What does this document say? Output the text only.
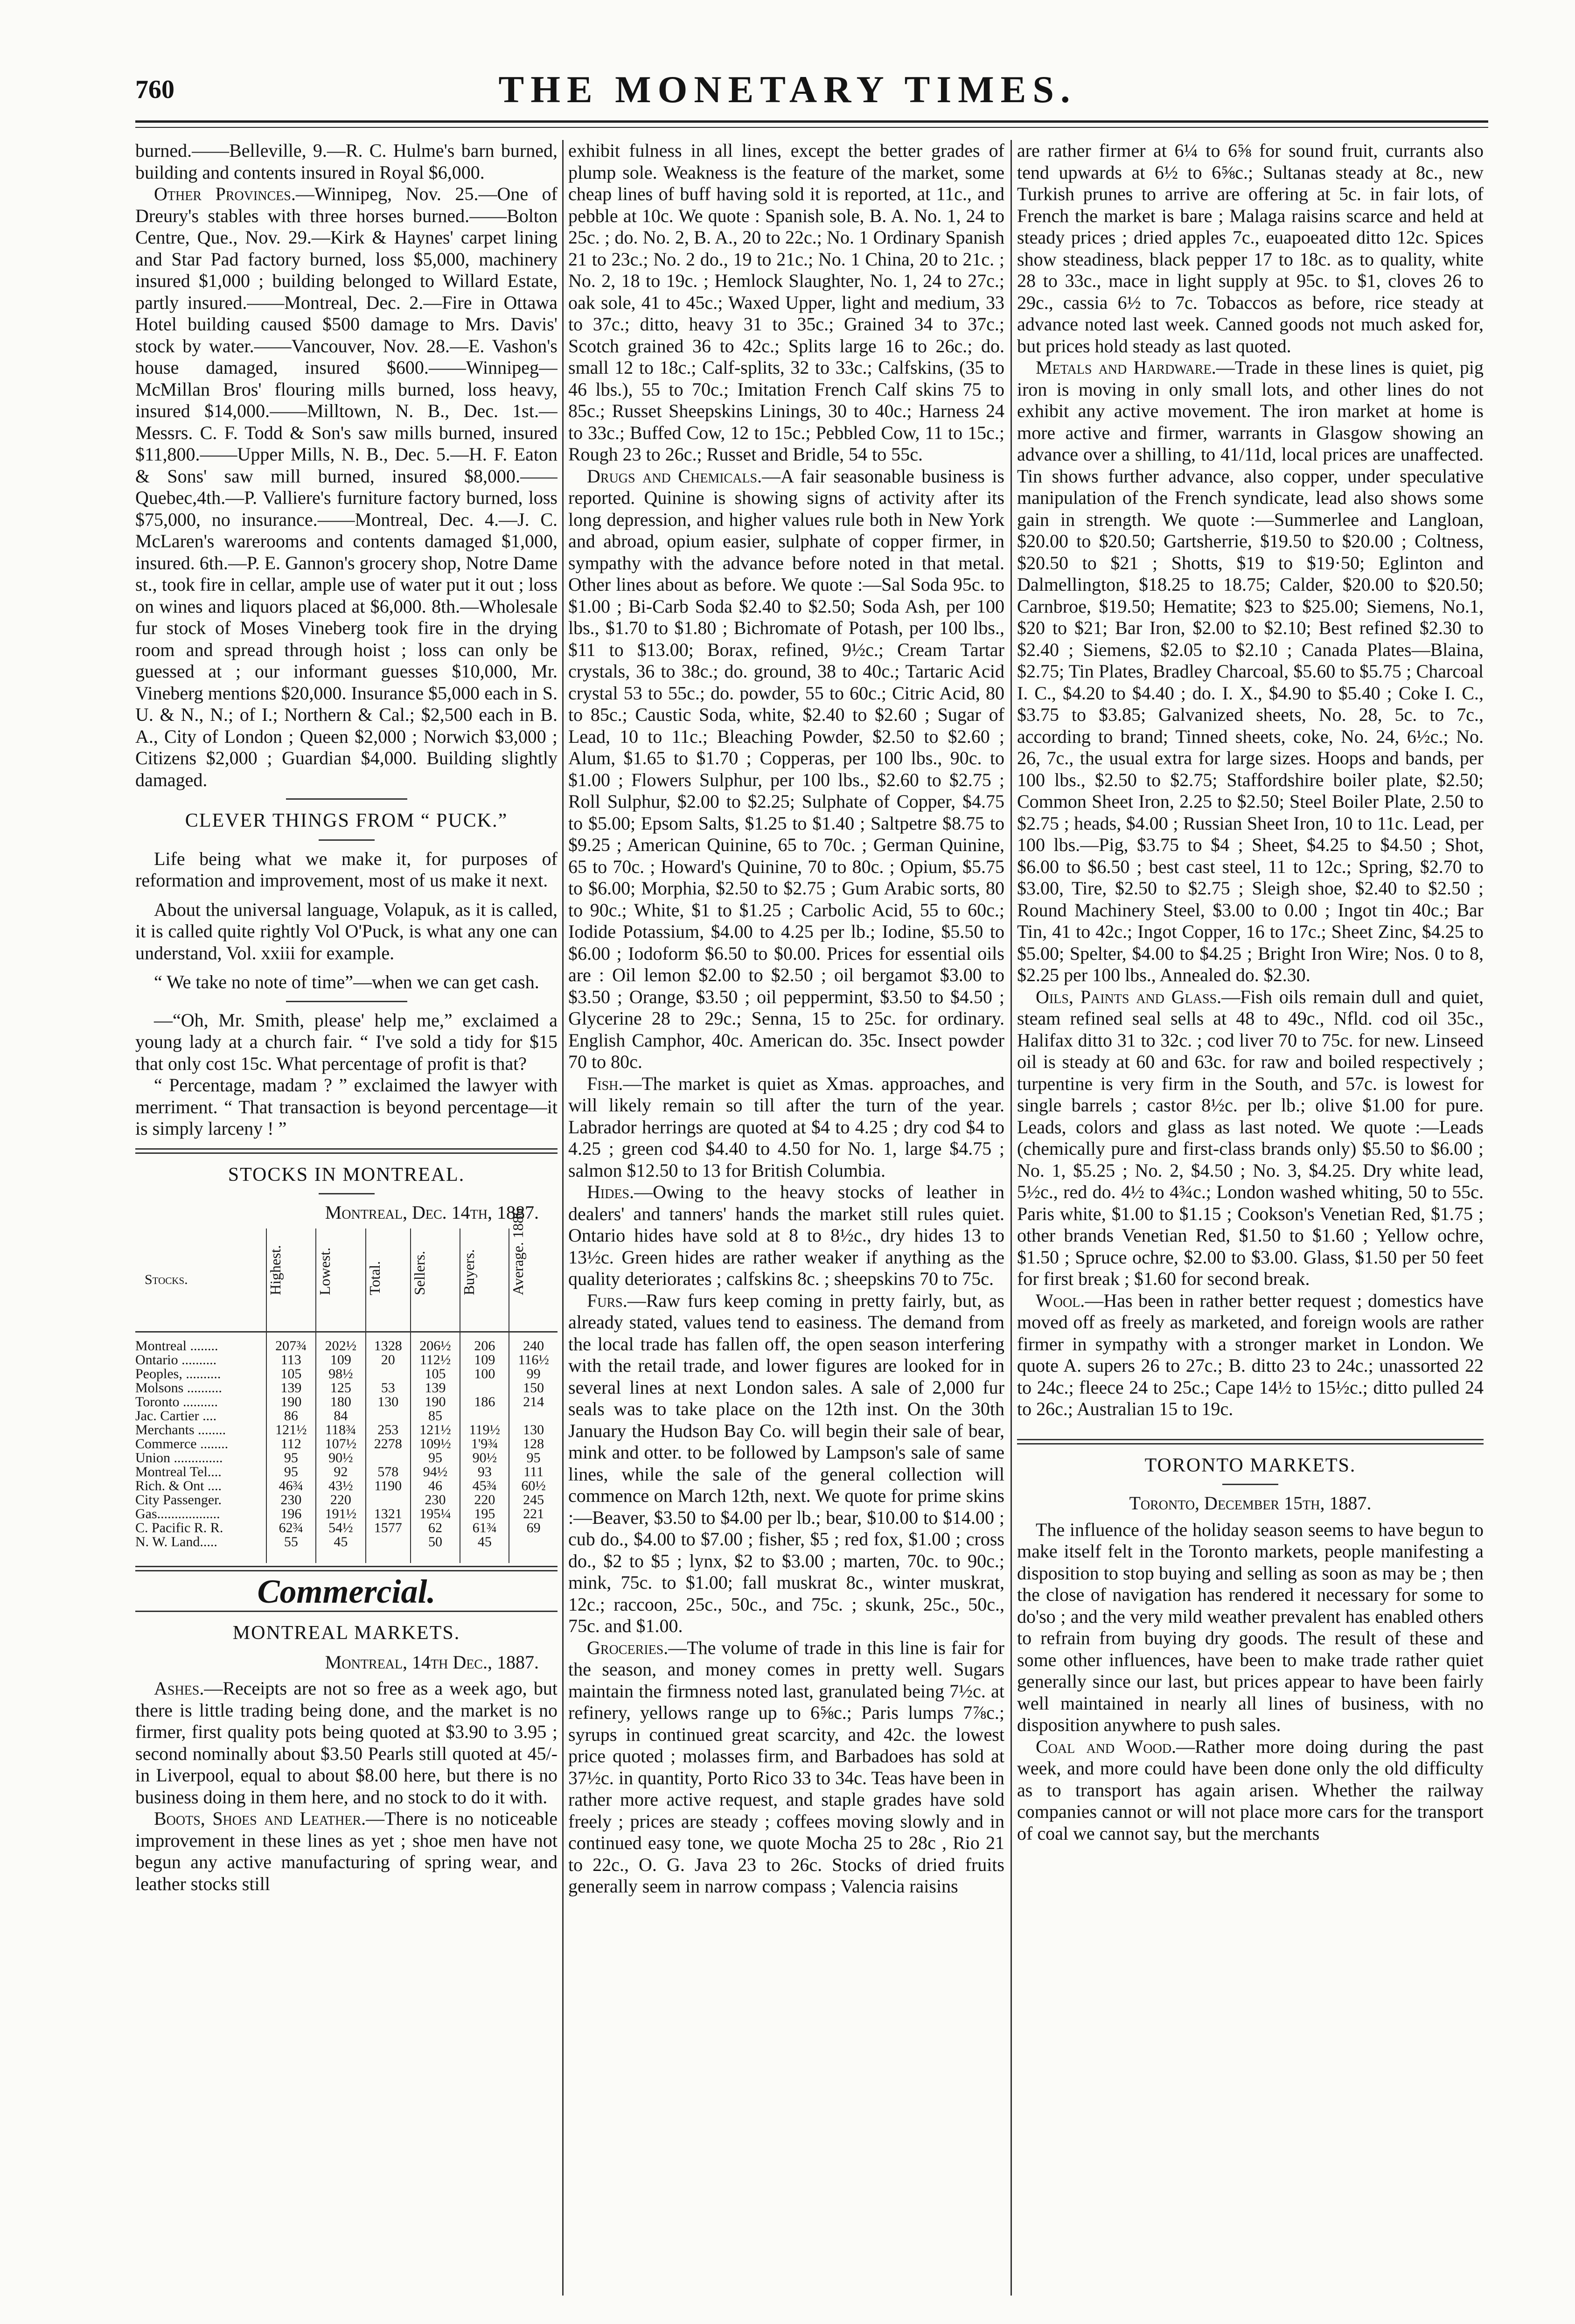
760	THE MONETARY TIMES.

burned.——Belleville, 9.—R. C. Hulme's barn burned, building and contents insured in Royal $6,000.

Other Provinces.—Winnipeg, Nov. 25.—One of Dreury's stables with three horses burned.——Bolton Centre, Que., Nov. 29.—Kirk & Haynes' carpet lining and Star Pad factory burned, loss $5,000, machinery insured $1,000 ; building belonged to Willard Estate, partly insured.——Montreal, Dec. 2.—Fire in Ottawa Hotel building caused $500 damage to Mrs. Davis' stock by water.——Vancouver, Nov. 28.—E. Vashon's house damaged, insured $600.——Winnipeg—McMillan Bros' flouring mills burned, loss heavy, insured $14,000.——Milltown, N. B., Dec. 1st.—Messrs. C. F. Todd & Son's saw mills burned, insured $11,800.——Upper Mills, N. B., Dec. 5.—H. F. Eaton & Sons' saw mill burned, insured $8,000.——Quebec,4th.—P. Valliere's furniture factory burned, loss $75,000, no insurance.——Montreal, Dec. 4.—J. C. McLaren's warerooms and contents damaged $1,000, insured. 6th.—P. E. Gannon's grocery shop, Notre Dame st., took fire in cellar, ample use of water put it out ; loss on wines and liquors placed at $6,000. 8th.—Wholesale fur stock of Moses Vineberg took fire in the drying room and spread through hoist ; loss can only be guessed at ; our informant guesses $10,000, Mr. Vineberg mentions $20,000. Insurance $5,000 each in S. U. & N., N.; of I.; Northern & Cal.; $2,500 each in B. A., City of London ; Queen $2,000 ; Norwich $3,000 ; Citizens $2,000 ; Guardian $4,000. Building slightly damaged.

CLEVER THINGS FROM “ PUCK.”

Life being what we make it, for purposes of reformation and improvement, most of us make it next.

About the universal language, Volapuk, as it is called, it is called quite rightly Vol O'Puck, is what any one can understand, Vol. xxiii for example.

“ We take no note of time”—when we can get cash.

—“Oh, Mr. Smith, please' help me,” exclaimed a young lady at a church fair. “ I've sold a tidy for $15 that only cost 15c. What percentage of profit is that?

“ Percentage, madam ? ” exclaimed the lawyer with merriment. “ That transaction is beyond percentage—it is simply larceny ! ”

STOCKS IN MONTREAL.
Montreal, Dec. 14th, 1887.
Stocks.	Highest.	Lowest.	Total.	Sellers.	Buyers.	Average. 1886
Montreal ........	207¾	202½	1328	206½	206	240
Ontario ..........	113	109	20	112½	109	116½
Peoples, ..........	105	98½		105	100	99
Molsons ..........	139	125	53	139		150
Toronto ..........	190	180	130	190	186	214
Jac. Cartier ....	86	84		85		
Merchants ........	121½	118¾	253	121½	119½	130
Commerce ........	112	107½	2278	109½	1'9¾	128
Union ..............	95	90½		95	90½	95
Montreal Tel....	95	92	578	94½	93	111
Rich. & Ont ....	46¾	43½	1190	46	45¾	60½
City Passenger.	230	220		230	220	245
Gas..................	196	191½	1321	195¼	195	221
C. Pacific R. R.	62¾	54½	1577	62	61¾	69
N. W. Land.....	55	45		50	45	
Commercial.
MONTREAL MARKETS.
Montreal, 14th Dec., 1887.

Ashes.—Receipts are not so free as a week ago, but there is little trading being done, and the market is no firmer, first quality pots being quoted at $3.90 to 3.95 ; second nominally about $3.50 Pearls still quoted at 45/- in Liverpool, equal to about $8.00 here, but there is no business doing in them here, and no stock to do it with.

Boots, Shoes and Leather.—There is no noticeable improvement in these lines as yet ; shoe men have not begun any active manufacturing of spring wear, and leather stocks still

exhibit fulness in all lines, except the better grades of plump sole. Weakness is the feature of the market, some cheap lines of buff having sold it is reported, at 11c., and pebble at 10c. We quote : Spanish sole, B. A. No. 1, 24 to 25c. ; do. No. 2, B. A., 20 to 22c.; No. 1 Ordinary Spanish 21 to 23c.; No. 2 do., 19 to 21c.; No. 1 China, 20 to 21c. ; No. 2, 18 to 19c. ; Hemlock Slaughter, No. 1, 24 to 27c.; oak sole, 41 to 45c.; Waxed Upper, light and medium, 33 to 37c.; ditto, heavy 31 to 35c.; Grained 34 to 37c.; Scotch grained 36 to 42c.; Splits large 16 to 26c.; do. small 12 to 18c.; Calf-splits, 32 to 33c.; Calfskins, (35 to 46 lbs.), 55 to 70c.; Imitation French Calf skins 75 to 85c.; Russet Sheepskins Linings, 30 to 40c.; Harness 24 to 33c.; Buffed Cow, 12 to 15c.; Pebbled Cow, 11 to 15c.; Rough 23 to 26c.; Russet and Bridle, 54 to 55c.

Drugs and Chemicals.—A fair seasonable business is reported. Quinine is showing signs of activity after its long depression, and higher values rule both in New York and abroad, opium easier, sulphate of copper firmer, in sympathy with the advance before noted in that metal. Other lines about as before. We quote :—Sal Soda 95c. to $1.00 ; Bi-Carb Soda $2.40 to $2.50; Soda Ash, per 100 lbs., $1.70 to $1.80 ; Bichromate of Potash, per 100 lbs., $11 to $13.00; Borax, refined, 9½c.; Cream Tartar crystals, 36 to 38c.; do. ground, 38 to 40c.; Tartaric Acid crystal 53 to 55c.; do. powder, 55 to 60c.; Citric Acid, 80 to 85c.; Caustic Soda, white, $2.40 to $2.60 ; Sugar of Lead, 10 to 11c.; Bleaching Powder, $2.50 to $2.60 ; Alum, $1.65 to $1.70 ; Copperas, per 100 lbs., 90c. to $1.00 ; Flowers Sulphur, per 100 lbs., $2.60 to $2.75 ; Roll Sulphur, $2.00 to $2.25; Sulphate of Copper, $4.75 to $5.00; Epsom Salts, $1.25 to $1.40 ; Saltpetre $8.75 to $9.25 ; American Quinine, 65 to 70c. ; German Quinine, 65 to 70c. ; Howard's Quinine, 70 to 80c. ; Opium, $5.75 to $6.00; Morphia, $2.50 to $2.75 ; Gum Arabic sorts, 80 to 90c.; White, $1 to $1.25 ; Carbolic Acid, 55 to 60c.; Iodide Potassium, $4.00 to 4.25 per lb.; Iodine, $5.50 to $6.00 ; Iodoform $6.50 to $0.00. Prices for essential oils are : Oil lemon $2.00 to $2.50 ; oil bergamot $3.00 to $3.50 ; Orange, $3.50 ; oil peppermint, $3.50 to $4.50 ; Glycerine 28 to 29c.; Senna, 15 to 25c. for ordinary. English Camphor, 40c. American do. 35c. Insect powder 70 to 80c.

Fish.—The market is quiet as Xmas. approaches, and will likely remain so till after the turn of the year. Labrador herrings are quoted at $4 to 4.25 ; dry cod $4 to 4.25 ; green cod $4.40 to 4.50 for No. 1, large $4.75 ; salmon $12.50 to 13 for British Columbia.

Hides.—Owing to the heavy stocks of leather in dealers' and tanners' hands the market still rules quiet. Ontario hides have sold at 8 to 8½c., dry hides 13 to 13½c. Green hides are rather weaker if anything as the quality deteriorates ; calfskins 8c. ; sheepskins 70 to 75c.

Furs.—Raw furs keep coming in pretty fairly, but, as already stated, values tend to easiness. The demand from the local trade has fallen off, the open season interfering with the retail trade, and lower figures are looked for in several lines at next London sales. A sale of 2,000 fur seals was to take place on the 12th inst. On the 30th January the Hudson Bay Co. will begin their sale of bear, mink and otter. to be followed by Lampson's sale of same lines, while the sale of the general collection will commence on March 12th, next. We quote for prime skins :—Beaver, $3.50 to $4.00 per lb.; bear, $10.00 to $14.00 ; cub do., $4.00 to $7.00 ; fisher, $5 ; red fox, $1.00 ; cross do., $2 to $5 ; lynx, $2 to $3.00 ; marten, 70c. to 90c.; mink, 75c. to $1.00; fall muskrat 8c., winter muskrat, 12c.; raccoon, 25c., 50c., and 75c. ; skunk, 25c., 50c., 75c. and $1.00.

Groceries.—The volume of trade in this line is fair for the season, and money comes in pretty well. Sugars maintain the firmness noted last, granulated being 7½c. at refinery, yellows range up to 6⅝c.; Paris lumps 7⅞c.; syrups in continued great scarcity, and 42c. the lowest price quoted ; molasses firm, and Barbadoes has sold at 37½c. in quantity, Porto Rico 33 to 34c. Teas have been in rather more active request, and staple grades have sold freely ; prices are steady ; coffees moving slowly and in continued easy tone, we quote Mocha 25 to 28c , Rio 21 to 22c., O. G. Java 23 to 26c. Stocks of dried fruits generally seem in narrow compass ; Valencia raisins

are rather firmer at 6¼ to 6⅝ for sound fruit, currants also tend upwards at 6½ to 6⅝c.; Sultanas steady at 8c., new Turkish prunes to arrive are offering at 5c. in fair lots, of French the market is bare ; Malaga raisins scarce and held at steady prices ; dried apples 7c., euapoeated ditto 12c. Spices show steadiness, black pepper 17 to 18c. as to quality, white 28 to 33c., mace in light supply at 95c. to $1, cloves 26 to 29c., cassia 6½ to 7c. Tobaccos as before, rice steady at advance noted last week. Canned goods not much asked for, but prices hold steady as last quoted.

Metals and Hardware.—Trade in these lines is quiet, pig iron is moving in only small lots, and other lines do not exhibit any active movement. The iron market at home is more active and firmer, warrants in Glasgow showing an advance over a shilling, to 41/11d, local prices are unaffected. Tin shows further advance, also copper, under speculative manipulation of the French syndicate, lead also shows some gain in strength. We quote :—Summerlee and Langloan, $20.00 to $20.50; Gartsherrie, $19.50 to $20.00 ; Coltness, $20.50 to $21 ; Shotts, $19 to $19·50; Eglinton and Dalmellington, $18.25 to 18.75; Calder, $20.00 to $20.50; Carnbroe, $19.50; Hematite; $23 to $25.00; Siemens, No.1, $20 to $21; Bar Iron, $2.00 to $2.10; Best refined $2.30 to $2.40 ; Siemens, $2.05 to $2.10 ; Canada Plates—Blaina, $2.75; Tin Plates, Bradley Charcoal, $5.60 to $5.75 ; Charcoal I. C., $4.20 to $4.40 ; do. I. X., $4.90 to $5.40 ; Coke I. C., $3.75 to $3.85; Galvanized sheets, No. 28, 5c. to 7c., according to brand; Tinned sheets, coke, No. 24, 6½c.; No. 26, 7c., the usual extra for large sizes. Hoops and bands, per 100 lbs., $2.50 to $2.75; Staffordshire boiler plate, $2.50; Common Sheet Iron, 2.25 to $2.50; Steel Boiler Plate, 2.50 to $2.75 ; heads, $4.00 ; Russian Sheet Iron, 10 to 11c. Lead, per 100 lbs.—Pig, $3.75 to $4 ; Sheet, $4.25 to $4.50 ; Shot, $6.00 to $6.50 ; best cast steel, 11 to 12c.; Spring, $2.70 to $3.00, Tire, $2.50 to $2.75 ; Sleigh shoe, $2.40 to $2.50 ; Round Machinery Steel, $3.00 to 0.00 ; Ingot tin 40c.; Bar Tin, 41 to 42c.; Ingot Copper, 16 to 17c.; Sheet Zinc, $4.25 to $5.00; Spelter, $4.00 to $4.25 ; Bright Iron Wire; Nos. 0 to 8, $2.25 per 100 lbs., Annealed do. $2.30.

Oils, Paints and Glass.—Fish oils remain dull and quiet, steam refined seal sells at 48 to 49c., Nfld. cod oil 35c., Halifax ditto 31 to 32c. ; cod liver 70 to 75c. for new. Linseed oil is steady at 60 and 63c. for raw and boiled respectively ; turpentine is very firm in the South, and 57c. is lowest for single barrels ; castor 8½c. per lb.; olive $1.00 for pure. Leads, colors and glass as last noted. We quote :—Leads (chemically pure and first-class brands only) $5.50 to $6.00 ; No. 1, $5.25 ; No. 2, $4.50 ; No. 3, $4.25. Dry white lead, 5½c., red do. 4½ to 4¾c.; London washed whiting, 50 to 55c. Paris white, $1.00 to $1.15 ; Cookson's Venetian Red, $1.75 ; other brands Venetian Red, $1.50 to $1.60 ; Yellow ochre, $1.50 ; Spruce ochre, $2.00 to $3.00. Glass, $1.50 per 50 feet for first break ; $1.60 for second break.

Wool.—Has been in rather better request ; domestics have moved off as freely as marketed, and foreign wools are rather firmer in sympathy with a stronger market in London. We quote A. supers 26 to 27c.; B. ditto 23 to 24c.; unassorted 22 to 24c.; fleece 24 to 25c.; Cape 14½ to 15½c.; ditto pulled 24 to 26c.; Australian 15 to 19c.

TORONTO MARKETS.
Toronto, December 15th, 1887.

The influence of the holiday season seems to have begun to make itself felt in the Toronto markets, people manifesting a disposition to stop buying and selling as soon as may be ; then the close of navigation has rendered it necessary for some to do'so ; and the very mild weather prevalent has enabled others to refrain from buying dry goods. The result of these and some other influences, have been to make trade rather quiet generally since our last, but prices appear to have been fairly well maintained in nearly all lines of business, with no disposition anywhere to push sales.

Coal and Wood.—Rather more doing during the past week, and more could have been done only the old difficulty as to transport has again arisen. Whether the railway companies cannot or will not place more cars for the transport of coal we cannot say, but the merchants
